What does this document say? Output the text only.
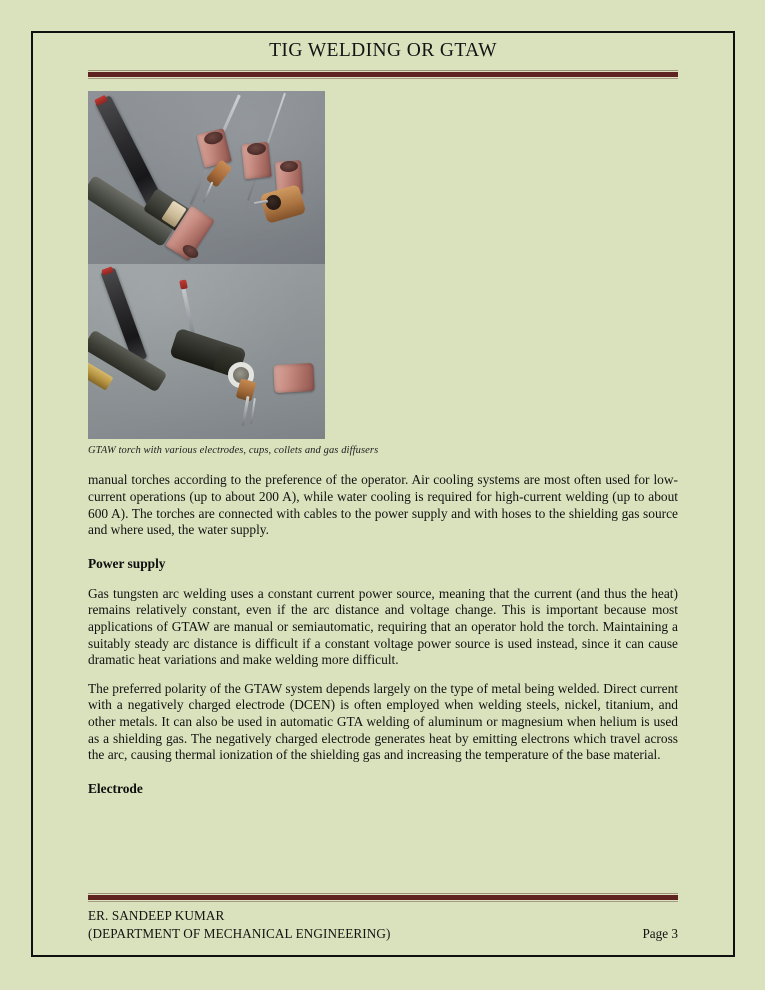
TIG WELDING OR GTAW
GTAW torch with various electrodes, cups, collets and gas diffusers

manual torches according to the preference of the operator. Air cooling systems are most often used for low-current operations (up to about 200 A), while water cooling is required for high-current welding (up to about 600 A). The torches are connected with cables to the power supply and with hoses to the shielding gas source and where used, the water supply.

Power supply

Gas tungsten arc welding uses a constant current power source, meaning that the current (and thus the heat) remains relatively constant, even if the arc distance and voltage change. This is important because most applications of GTAW are manual or semiautomatic, requiring that an operator hold the torch. Maintaining a suitably steady arc distance is difficult if a constant voltage power source is used instead, since it can cause dramatic heat variations and make welding more difficult.

The preferred polarity of the GTAW system depends largely on the type of metal being welded. Direct current with a negatively charged electrode (DCEN) is often employed when welding steels, nickel, titanium, and other metals. It can also be used in automatic GTA welding of aluminum or magnesium when helium is used as a shielding gas. The negatively charged electrode generates heat by emitting electrons which travel across the arc, causing thermal ionization of the shielding gas and increasing the temperature of the base material.

Electrode
ER. SANDEEP KUMAR
(DEPARTMENT OF MECHANICAL ENGINEERING)	Page 3
